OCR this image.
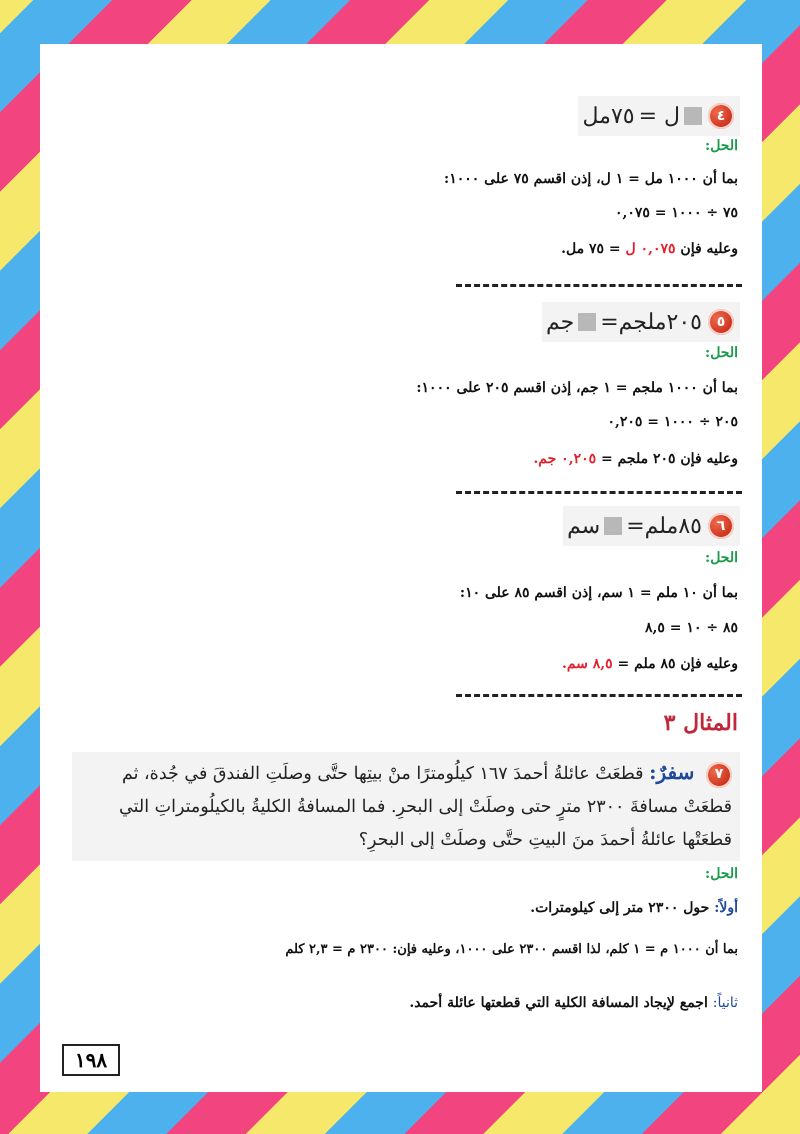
٤
ل =
٧٥مل
الحل:
بما أن ١٠٠٠ مل = ١ ل، إذن اقسم ٧٥ على ١٠٠٠:
٧٥ ÷ ١٠٠٠ = ٠,٠٧٥
وعليه فإن ٠,٠٧٥ ل = ٧٥ مل.
٥
٢٠٥ملجم=
جم
الحل:
بما أن ١٠٠٠ ملجم = ١ جم، إذن اقسم ٢٠٥ على ١٠٠٠:
٢٠٥ ÷ ١٠٠٠ = ٠,٢٠٥
وعليه فإن ٢٠٥ ملجم = ٠,٢٠٥ جم.
٦
٨٥ملم=
سم
الحل:
بما أن ١٠ ملم = ١ سم، إذن اقسم ٨٥ على ١٠:
٨٥ ÷ ١٠ = ٨,٥
وعليه فإن ٨٥ ملم = ٨,٥ سم.
المثال ٣
٧ سفرٌ: قطعَتْ عائلةُ أحمدَ ١٦٧ كيلُومترًا منْ بيتِها حتَّى وصلَتِ الفندقَ في جُدة، ثم قطعَتْ مسافةَ ٢٣٠٠ مترٍ حتى وصلَتْ إلى البحرِ. فما المسافةُ الكليةُ بالكيلُومتراتِ التي قطعَتْها عائلةُ أحمدَ منَ البيتِ حتَّى وصلَتْ إلى البحرِ؟
الحل:
أولاً: حول ٢٣٠٠ متر إلى كيلومترات.
بما أن ١٠٠٠ م = ١ كلم، لذا اقسم ٢٣٠٠ على ١٠٠٠، وعليه فإن: ٢٣٠٠ م = ٢,٣ كلم
ثانياً: اجمع لإيجاد المسافة الكلية التي قطعتها عائلة أحمد.
١٩٨
